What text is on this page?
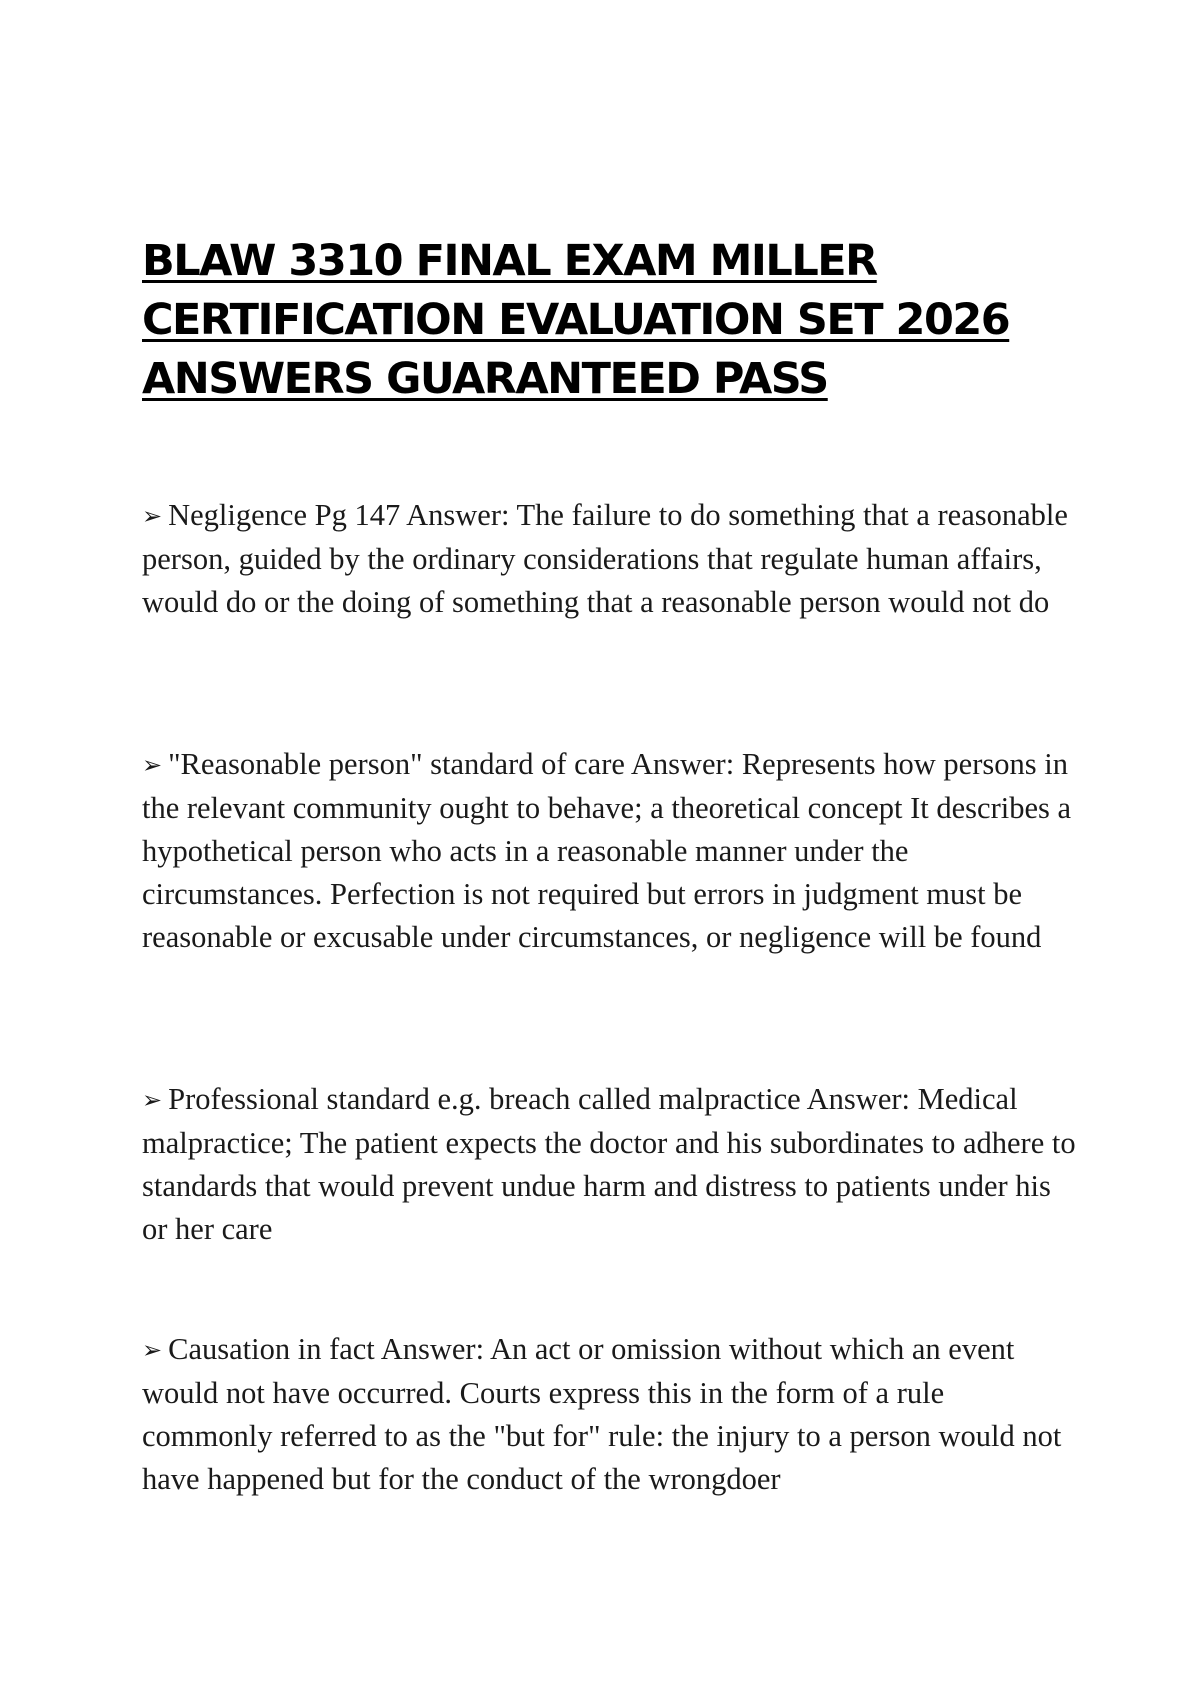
BLAW 3310 FINAL EXAM MILLER CERTIFICATION EVALUATION SET 2026 ANSWERS GUARANTEED PASS

➢ Negligence Pg 147 Answer: The failure to do something that a reasonable person, guided by the ordinary considerations that regulate human affairs, would do or the doing of something that a reasonable person would not do

➢ "Reasonable person" standard of care Answer: Represents how persons in the relevant community ought to behave; a theoretical concept It describes a hypothetical person who acts in a reasonable manner under the circumstances. Perfection is not required but errors in judgment must be reasonable or excusable under circumstances, or negligence will be found

➢ Professional standard e.g. breach called malpractice Answer: Medical malpractice; The patient expects the doctor and his subordinates to adhere to standards that would prevent undue harm and distress to patients under his or her care

➢ Causation in fact Answer: An act or omission without which an event would not have occurred. Courts express this in the form of a rule commonly referred to as the "but for" rule: the injury to a person would not have happened but for the conduct of the wrongdoer
